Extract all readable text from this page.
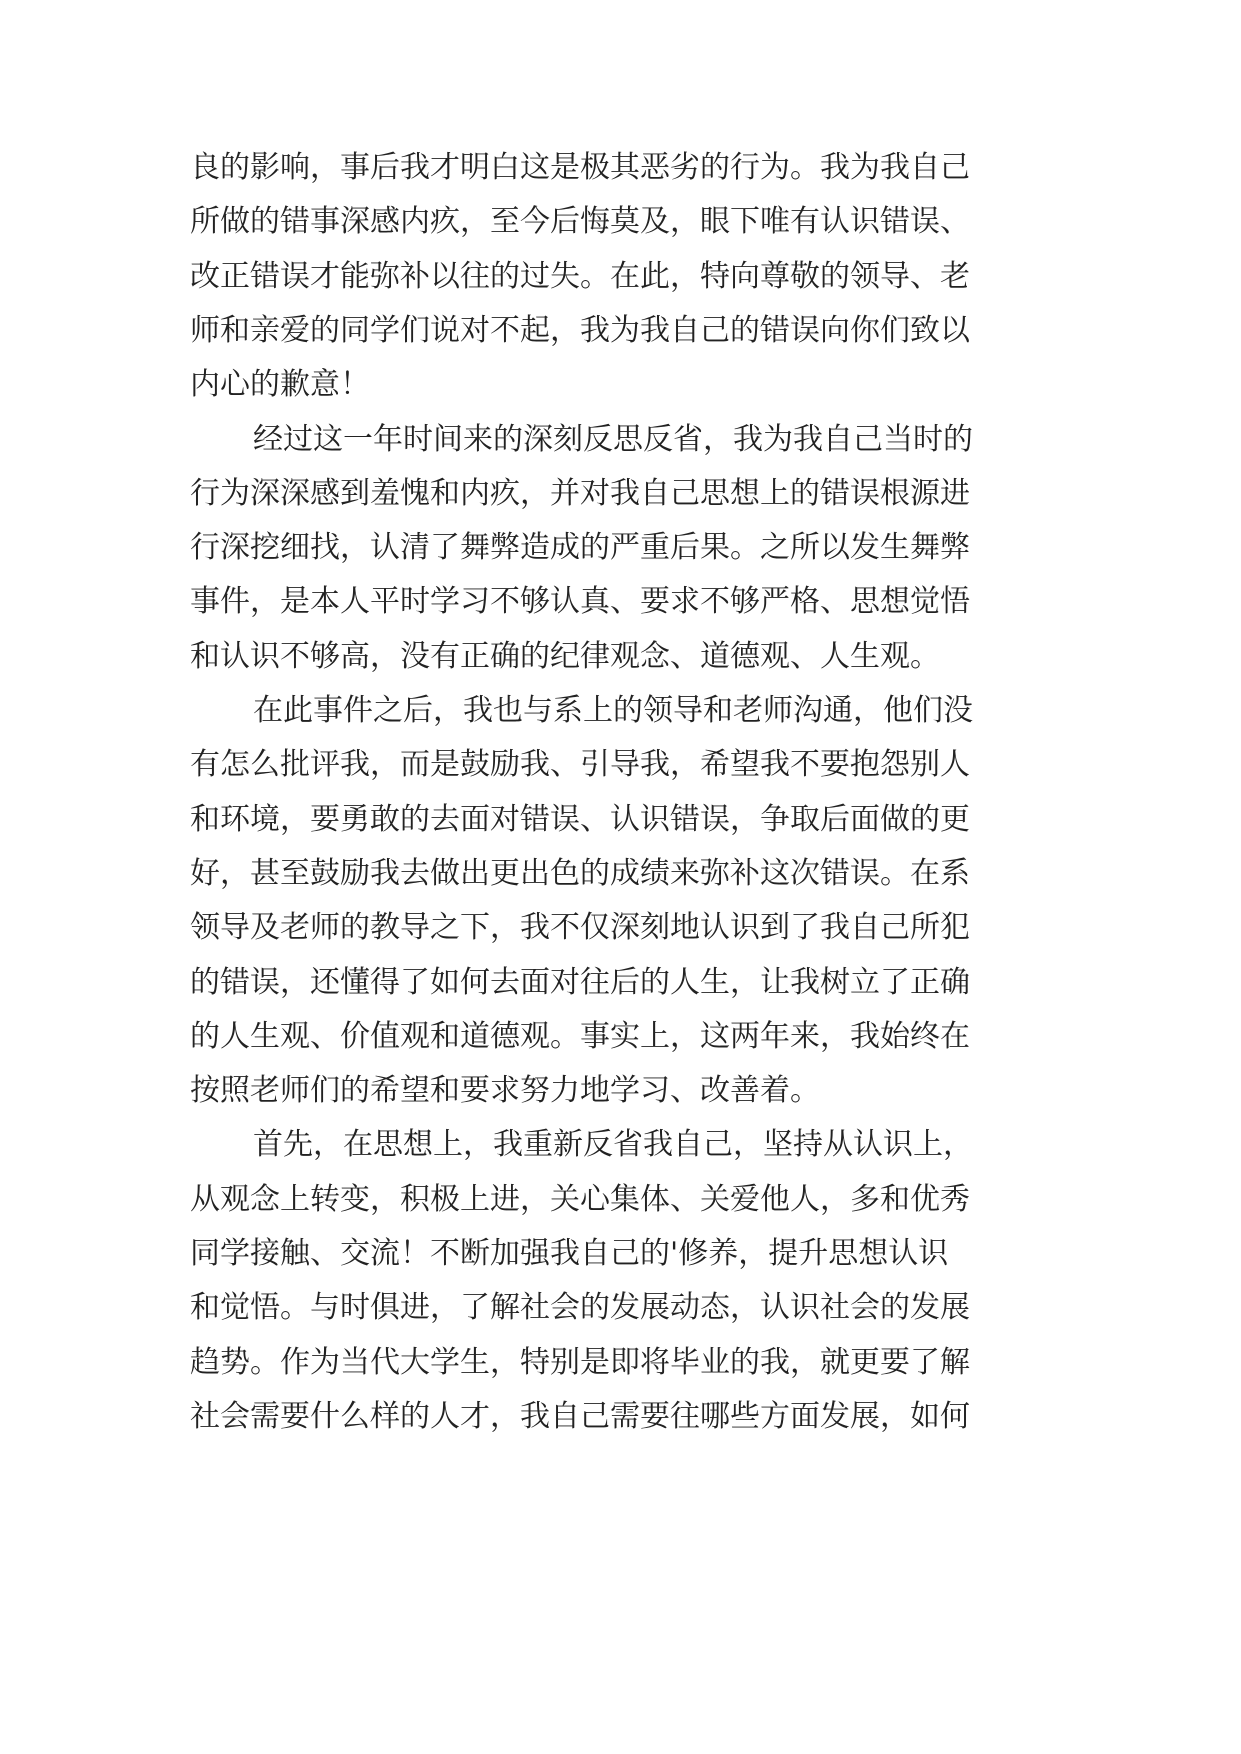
良的影响，事后我才明白这是极其恶劣的行为。我为我自己
所做的错事深感内疚，至今后悔莫及，眼下唯有认识错误、
改正错误才能弥补以往的过失。在此，特向尊敬的领导、老
师和亲爱的同学们说对不起，我为我自己的错误向你们致以
内心的歉意！
经过这一年时间来的深刻反思反省，我为我自己当时的
行为深深感到羞愧和内疚，并对我自己思想上的错误根源进
行深挖细找，认清了舞弊造成的严重后果。之所以发生舞弊
事件，是本人平时学习不够认真、要求不够严格、思想觉悟
和认识不够高，没有正确的纪律观念、道德观、人生观。
在此事件之后，我也与系上的领导和老师沟通，他们没
有怎么批评我，而是鼓励我、引导我，希望我不要抱怨别人
和环境，要勇敢的去面对错误、认识错误，争取后面做的更
好，甚至鼓励我去做出更出色的成绩来弥补这次错误。在系
领导及老师的教导之下，我不仅深刻地认识到了我自己所犯
的错误，还懂得了如何去面对往后的人生，让我树立了正确
的人生观、价值观和道德观。事实上，这两年来，我始终在
按照老师们的希望和要求努力地学习、改善着。
首先，在思想上，我重新反省我自己，坚持从认识上，
从观念上转变，积极上进，关心集体、关爱他人，多和优秀
同学接触、交流！不断加强我自己的'修养，提升思想认识
和觉悟。与时俱进，了解社会的发展动态，认识社会的发展
趋势。作为当代大学生，特别是即将毕业的我，就更要了解
社会需要什么样的人才，我自己需要往哪些方面发展，如何
